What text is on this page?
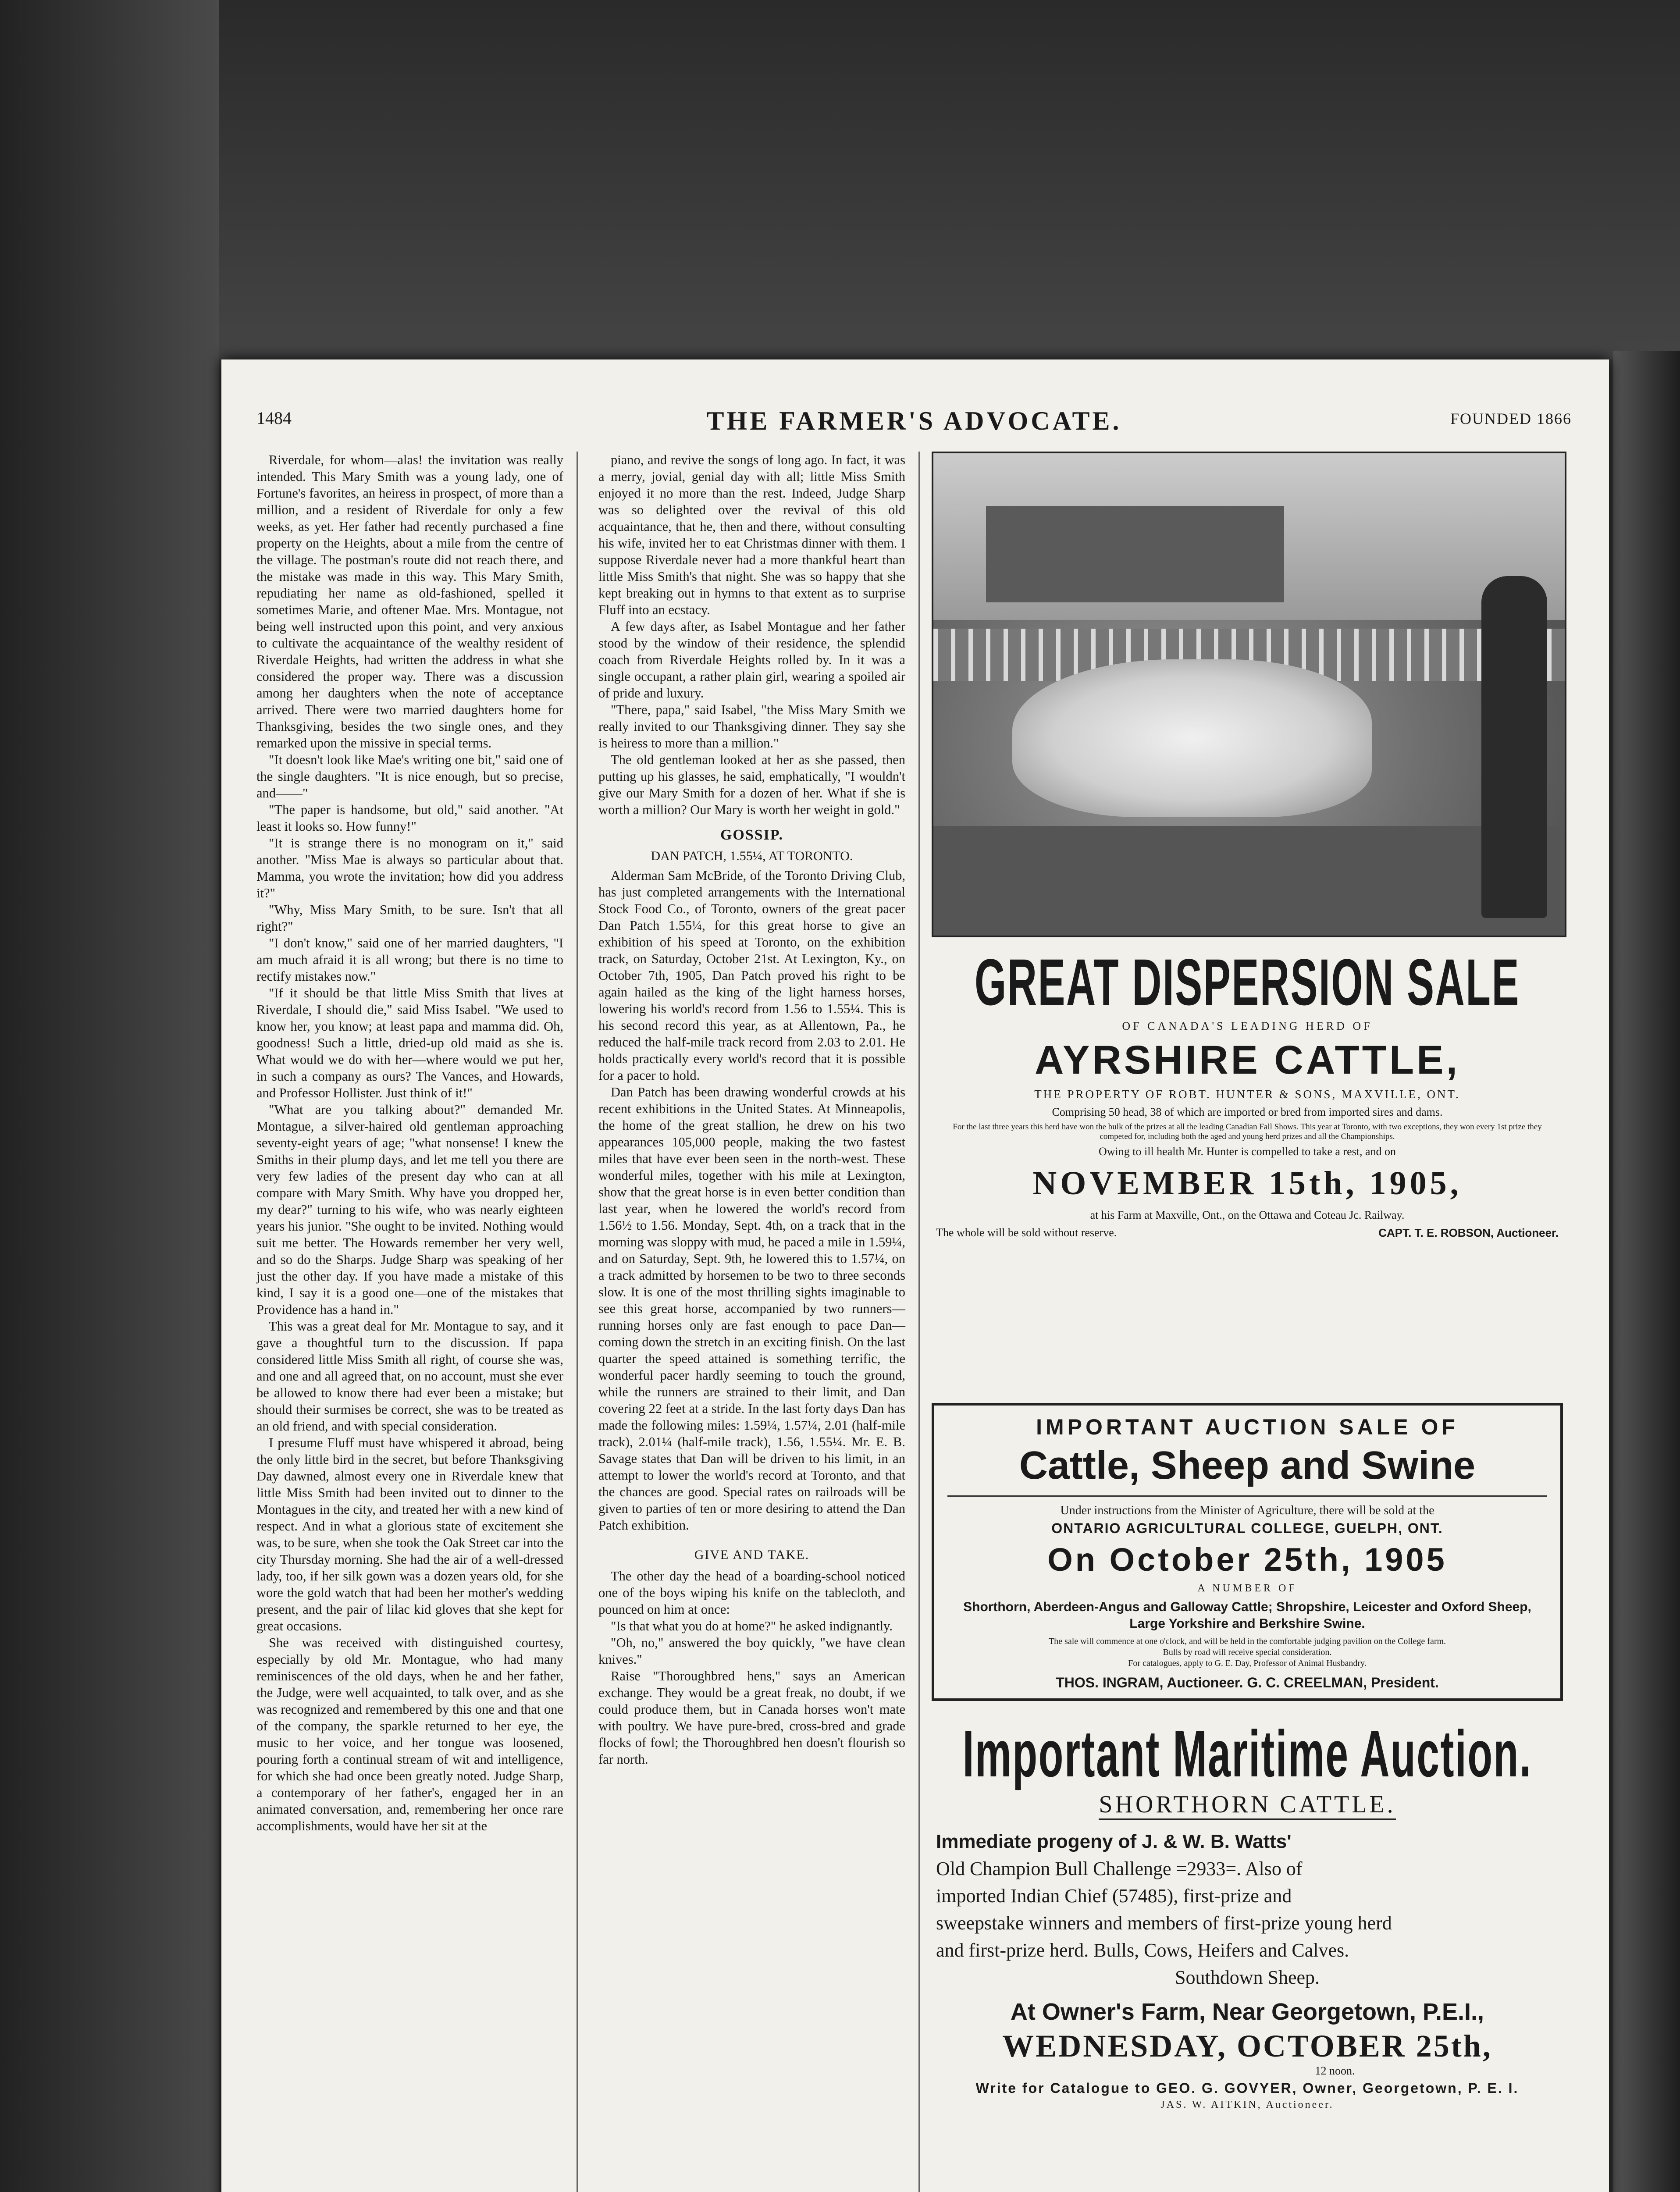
1484	THE FARMER'S ADVOCATE.	FOUNDED 1866

Riverdale, for whom—alas! the invitation was really intended. This Mary Smith was a young lady, one of Fortune's favorites, an heiress in prospect, of more than a million, and a resident of Riverdale for only a few weeks, as yet. Her father had recently purchased a fine property on the Heights, about a mile from the centre of the village. The postman's route did not reach there, and the mistake was made in this way. This Mary Smith, repudiating her name as old-fashioned, spelled it sometimes Marie, and oftener Mae. Mrs. Montague, not being well instructed upon this point, and very anxious to cultivate the acquaintance of the wealthy resident of Riverdale Heights, had written the address in what she considered the proper way. There was a discussion among her daughters when the note of acceptance arrived. There were two married daughters home for Thanksgiving, besides the two single ones, and they remarked upon the missive in special terms.

"It doesn't look like Mae's writing one bit," said one of the single daughters. "It is nice enough, but so precise, and——"

"The paper is handsome, but old," said another. "At least it looks so. How funny!"

"It is strange there is no monogram on it," said another. "Miss Mae is always so particular about that. Mamma, you wrote the invitation; how did you address it?"

"Why, Miss Mary Smith, to be sure. Isn't that all right?"

"I don't know," said one of her married daughters, "I am much afraid it is all wrong; but there is no time to rectify mistakes now."

"If it should be that little Miss Smith that lives at Riverdale, I should die," said Miss Isabel. "We used to know her, you know; at least papa and mamma did. Oh, goodness! Such a little, dried-up old maid as she is. What would we do with her—where would we put her, in such a company as ours? The Vances, and Howards, and Professor Hollister. Just think of it!"

"What are you talking about?" demanded Mr. Montague, a silver-haired old gentleman approaching seventy-eight years of age; "what nonsense! I knew the Smiths in their plump days, and let me tell you there are very few ladies of the present day who can at all compare with Mary Smith. Why have you dropped her, my dear?" turning to his wife, who was nearly eighteen years his junior. "She ought to be invited. Nothing would suit me better. The Howards remember her very well, and so do the Sharps. Judge Sharp was speaking of her just the other day. If you have made a mistake of this kind, I say it is a good one—one of the mistakes that Providence has a hand in."

This was a great deal for Mr. Montague to say, and it gave a thoughtful turn to the discussion. If papa considered little Miss Smith all right, of course she was, and one and all agreed that, on no account, must she ever be allowed to know there had ever been a mistake; but should their surmises be correct, she was to be treated as an old friend, and with special consideration.

I presume Fluff must have whispered it abroad, being the only little bird in the secret, but before Thanksgiving Day dawned, almost every one in Riverdale knew that little Miss Smith had been invited out to dinner to the Montagues in the city, and treated her with a new kind of respect. And in what a glorious state of excitement she was, to be sure, when she took the Oak Street car into the city Thursday morning. She had the air of a well-dressed lady, too, if her silk gown was a dozen years old, for she wore the gold watch that had been her mother's wedding present, and the pair of lilac kid gloves that she kept for great occasions.

She was received with distinguished courtesy, especially by old Mr. Montague, who had many reminiscences of the old days, when he and her father, the Judge, were well acquainted, to talk over, and as she was recognized and remembered by this one and that one of the company, the sparkle returned to her eye, the music to her voice, and her tongue was loosened, pouring forth a continual stream of wit and intelligence, for which she had once been greatly noted. Judge Sharp, a contemporary of her father's, engaged her in an animated conversation, and, remembering her once rare accomplishments, would have her sit at the

piano, and revive the songs of long ago. In fact, it was a merry, jovial, genial day with all; little Miss Smith enjoyed it no more than the rest. Indeed, Judge Sharp was so delighted over the revival of this old acquaintance, that he, then and there, without consulting his wife, invited her to eat Christmas dinner with them. I suppose Riverdale never had a more thankful heart than little Miss Smith's that night. She was so happy that she kept breaking out in hymns to that extent as to surprise Fluff into an ecstacy.

A few days after, as Isabel Montague and her father stood by the window of their residence, the splendid coach from Riverdale Heights rolled by. In it was a single occupant, a rather plain girl, wearing a spoiled air of pride and luxury.

"There, papa," said Isabel, "the Miss Mary Smith we really invited to our Thanksgiving dinner. They say she is heiress to more than a million."

The old gentleman looked at her as she passed, then putting up his glasses, he said, emphatically, "I wouldn't give our Mary Smith for a dozen of her. What if she is worth a million? Our Mary is worth her weight in gold."

GOSSIP.
DAN PATCH, 1.55¼, AT TORONTO.

Alderman Sam McBride, of the Toronto Driving Club, has just completed arrangements with the International Stock Food Co., of Toronto, owners of the great pacer Dan Patch 1.55¼, for this great horse to give an exhibition of his speed at Toronto, on the exhibition track, on Saturday, October 21st. At Lexington, Ky., on October 7th, 1905, Dan Patch proved his right to be again hailed as the king of the light harness horses, lowering his world's record from 1.56 to 1.55¼. This is his second record this year, as at Allentown, Pa., he reduced the half-mile track record from 2.03 to 2.01. He holds practically every world's record that it is possible for a pacer to hold.

Dan Patch has been drawing wonderful crowds at his recent exhibitions in the United States. At Minneapolis, the home of the great stallion, he drew on his two appearances 105,000 people, making the two fastest miles that have ever been seen in the north-west. These wonderful miles, together with his mile at Lexington, show that the great horse is in even better condition than last year, when he lowered the world's record from 1.56½ to 1.56. Monday, Sept. 4th, on a track that in the morning was sloppy with mud, he paced a mile in 1.59¼, and on Saturday, Sept. 9th, he lowered this to 1.57¼, on a track admitted by horsemen to be two to three seconds slow. It is one of the most thrilling sights imaginable to see this great horse, accompanied by two runners—running horses only are fast enough to pace Dan—coming down the stretch in an exciting finish. On the last quarter the speed attained is something terrific, the wonderful pacer hardly seeming to touch the ground, while the runners are strained to their limit, and Dan covering 22 feet at a stride. In the last forty days Dan has made the following miles: 1.59¼, 1.57¼, 2.01 (half-mile track), 2.01¼ (half-mile track), 1.56, 1.55¼. Mr. E. B. Savage states that Dan will be driven to his limit, in an attempt to lower the world's record at Toronto, and that the chances are good. Special rates on railroads will be given to parties of ten or more desiring to attend the Dan Patch exhibition.

GIVE AND TAKE.

The other day the head of a boarding-school noticed one of the boys wiping his knife on the tablecloth, and pounced on him at once:

"Is that what you do at home?" he asked indignantly.

"Oh, no," answered the boy quickly, "we have clean knives."

Raise "Thoroughbred hens," says an American exchange. They would be a great freak, no doubt, if we could produce them, but in Canada horses won't mate with poultry. We have pure-bred, cross-bred and grade flocks of fowl; the Thoroughbred hen doesn't flourish so far north.

GREAT DISPERSION SALE
OF CANADA'S LEADING HERD OF
AYRSHIRE CATTLE,
THE PROPERTY OF ROBT. HUNTER & SONS, MAXVILLE, ONT.
Comprising 50 head, 38 of which are imported or bred from imported sires and dams.
For the last three years this herd have won the bulk of the prizes at all the leading Canadian Fall Shows. This year at Toronto, with two exceptions, they won every 1st prize they competed for, including both the aged and young herd prizes and all the Championships.
Owing to ill health Mr. Hunter is compelled to take a rest, and on
NOVEMBER 15th, 1905,
at his Farm at Maxville, Ont., on the Ottawa and Coteau Jc. Railway.
The whole will be sold without reserve.	CAPT. T. E. ROBSON, Auctioneer.
IMPORTANT AUCTION SALE OF
Cattle, Sheep and Swine
Under instructions from the Minister of Agriculture, there will be sold at the
ONTARIO AGRICULTURAL COLLEGE, GUELPH, ONT.
On October 25th, 1905
A NUMBER OF
Shorthorn, Aberdeen-Angus and Galloway Cattle; Shropshire, Leicester and Oxford Sheep, Large Yorkshire and Berkshire Swine.
The sale will commence at one o'clock, and will be held in the comfortable judging pavilion on the College farm.
Bulls by road will receive special consideration.
For catalogues, apply to G. E. Day, Professor of Animal Husbandry.
THOS. INGRAM, Auctioneer. G. C. CREELMAN, President.
Important Maritime Auction.
SHORTHORN CATTLE.
Immediate progeny of J. & W. B. Watts'
Old Champion Bull Challenge =2933=. Also of
imported Indian Chief (57485), first-prize and
sweepstake winners and members of first-prize young herd
and first-prize herd. Bulls, Cows, Heifers and Calves.
Southdown Sheep.
At Owner's Farm, Near Georgetown, P.E.I.,
WEDNESDAY, OCTOBER 25th,
12 noon.
Write for Catalogue to GEO. G. GOVYER, Owner, Georgetown, P. E. I.
JAS. W. AITKIN, Auctioneer.
